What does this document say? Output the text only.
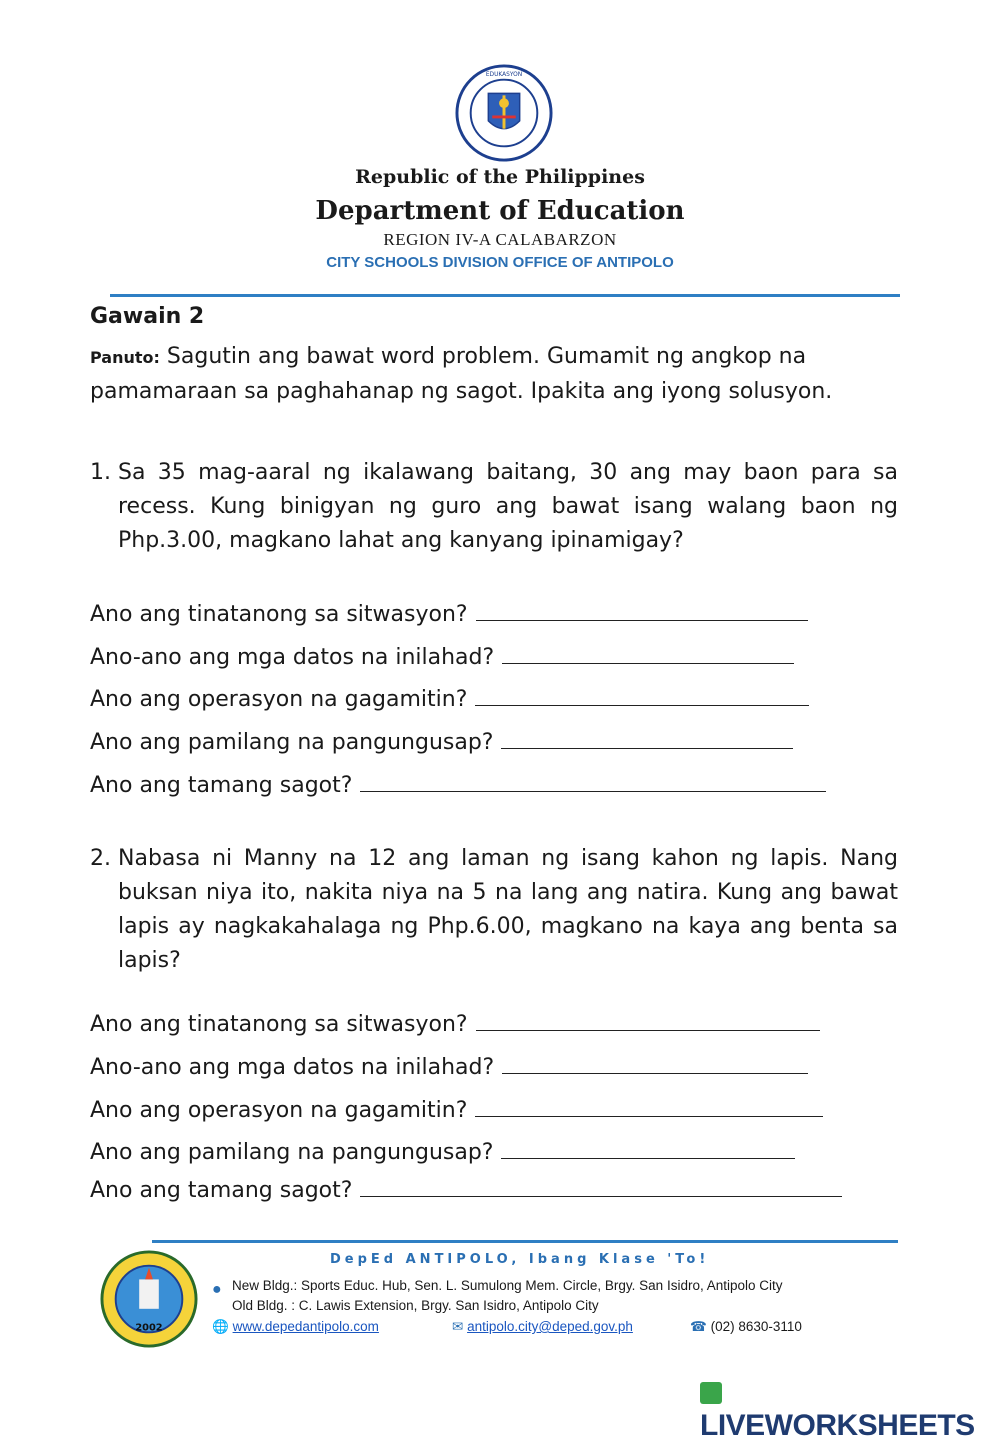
EDUKASYON
Republic of the Philippines
Department of Education
REGION IV-A CALABARZON
CITY SCHOOLS DIVISION OFFICE OF ANTIPOLO
Gawain 2
Panuto: Sagutin ang bawat word problem. Gumamit ng angkop na pamamaraan sa paghahanap ng sagot. Ipakita ang iyong solusyon.
1. Sa 35 mag-aaral ng ikalawang baitang, 30 ang may baon para sa recess. Kung binigyan ng guro ang bawat isang walang baon ng Php.3.00, magkano lahat ang kanyang ipinamigay?
Ano ang tinatanong sa sitwasyon?
Ano-ano ang mga datos na inilahad?
Ano ang operasyon na gagamitin?
Ano ang pamilang na pangungusap?
Ano ang tamang sagot?
2. Nabasa ni Manny na 12 ang laman ng isang kahon ng lapis. Nang buksan niya ito, nakita niya na 5 na lang ang natira. Kung ang bawat lapis ay nagkakahalaga ng Php.6.00, magkano na kaya ang benta sa lapis?
Ano ang tinatanong sa sitwasyon?
Ano-ano ang mga datos na inilahad?
Ano ang operasyon na gagamitin?
Ano ang pamilang na pangungusap?
Ano ang tamang sagot?
DepEd ANTIPOLO, Ibang Klase 'To!
2002
● New Bldg.: Sports Educ. Hub, Sen. L. Sumulong Mem. Circle, Brgy. San Isidro, Antipolo City
Old Bldg. : C. Lawis Extension, Brgy. San Isidro, Antipolo City
🌐 www.depedantipolo.com	✉ antipolo.city@deped.gov.ph	☎ (02) 8630-3110
LIVEWORKSHEETS
